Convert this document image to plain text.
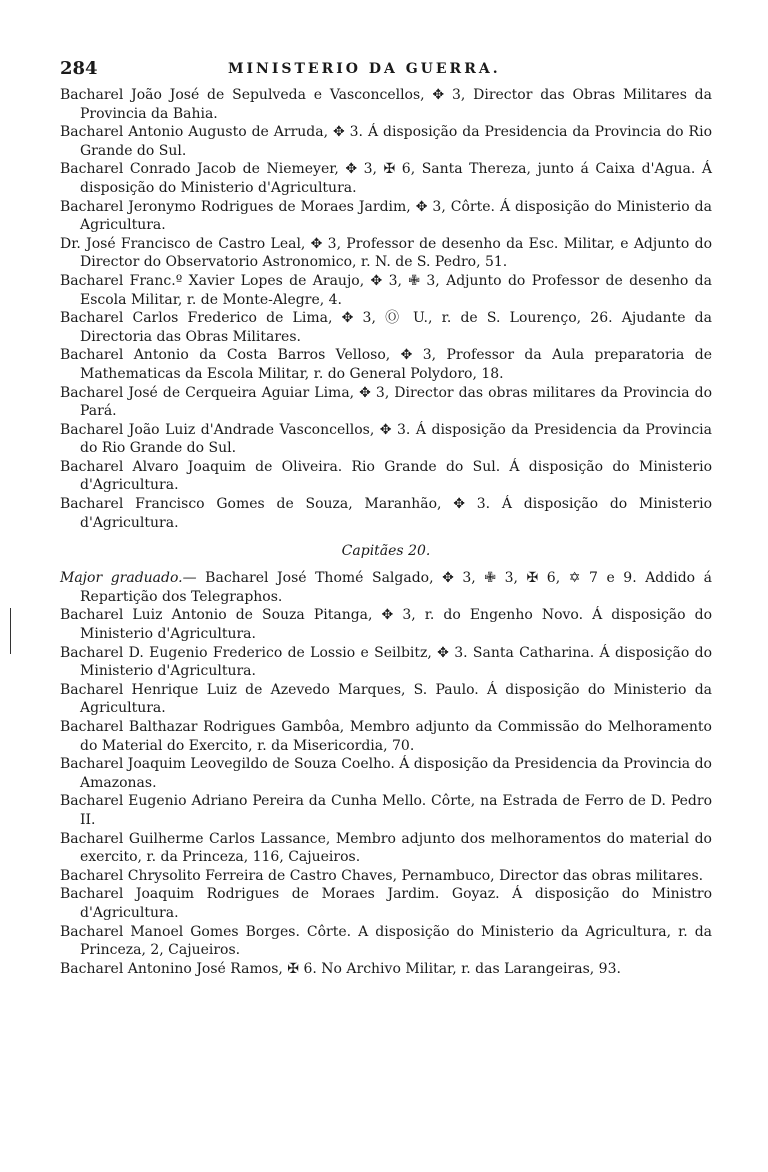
284	MINISTERIO DA GUERRA.

Bacharel João José de Sepulveda e Vasconcellos, ✥ 3, Director das Obras Militares da Provincia da Bahia.

Bacharel Antonio Augusto de Arruda, ✥ 3. Á disposição da Presidencia da Provincia do Rio Grande do Sul.

Bacharel Conrado Jacob de Niemeyer, ✥ 3, ✠ 6, Santa Thereza, junto á Caixa d'Agua. Á disposição do Ministerio d'Agricultura.

Bacharel Jeronymo Rodrigues de Moraes Jardim, ✥ 3, Côrte. Á disposição do Ministerio da Agricultura.

Dr. José Francisco de Castro Leal, ✥ 3, Professor de desenho da Esc. Militar, e Adjunto do Director do Observatorio Astronomico, r. N. de S. Pedro, 51.

Bacharel Franc.º Xavier Lopes de Araujo, ✥ 3, ✙ 3, Adjunto do Professor de desenho da Escola Militar, r. de Monte-Alegre, 4.

Bacharel Carlos Frederico de Lima, ✥ 3, Ⓞ U., r. de S. Lourenço, 26. Ajudante da Directoria das Obras Militares.

Bacharel Antonio da Costa Barros Velloso, ✥ 3, Professor da Aula preparatoria de Mathematicas da Escola Militar, r. do General Polydoro, 18.

Bacharel José de Cerqueira Aguiar Lima, ✥ 3, Director das obras militares da Provincia do Pará.

Bacharel João Luiz d'Andrade Vasconcellos, ✥ 3. Á disposição da Presidencia da Provincia do Rio Grande do Sul.

Bacharel Alvaro Joaquim de Oliveira. Rio Grande do Sul. Á disposição do Ministerio d'Agricultura.

Bacharel Francisco Gomes de Souza, Maranhão, ✥ 3. Á disposição do Ministerio d'Agricultura.

Capitães 20.

Major graduado.— Bacharel José Thomé Salgado, ✥ 3, ✙ 3, ✠ 6, ✡ 7 e 9. Addido á Repartição dos Telegraphos.

Bacharel Luiz Antonio de Souza Pitanga, ✥ 3, r. do Engenho Novo. Á disposição do Ministerio d'Agricultura.

Bacharel D. Eugenio Frederico de Lossio e Seilbitz, ✥ 3. Santa Catharina. Á disposição do Ministerio d'Agricultura.

Bacharel Henrique Luiz de Azevedo Marques, S. Paulo. Á disposição do Ministerio da Agricultura.

Bacharel Balthazar Rodrigues Gambôa, Membro adjunto da Commissão do Melhoramento do Material do Exercito, r. da Misericordia, 70.

Bacharel Joaquim Leovegildo de Souza Coelho. Á disposição da Presidencia da Provincia do Amazonas.

Bacharel Eugenio Adriano Pereira da Cunha Mello. Côrte, na Estrada de Ferro de D. Pedro II.

Bacharel Guilherme Carlos Lassance, Membro adjunto dos melhoramentos do material do exercito, r. da Princeza, 116, Cajueiros.

Bacharel Chrysolito Ferreira de Castro Chaves, Pernambuco, Director das obras militares.

Bacharel Joaquim Rodrigues de Moraes Jardim. Goyaz. Á disposição do Ministro d'Agricultura.

Bacharel Manoel Gomes Borges. Côrte. A disposição do Ministerio da Agricultura, r. da Princeza, 2, Cajueiros.

Bacharel Antonino José Ramos, ✠ 6. No Archivo Militar, r. das Larangeiras, 93.
